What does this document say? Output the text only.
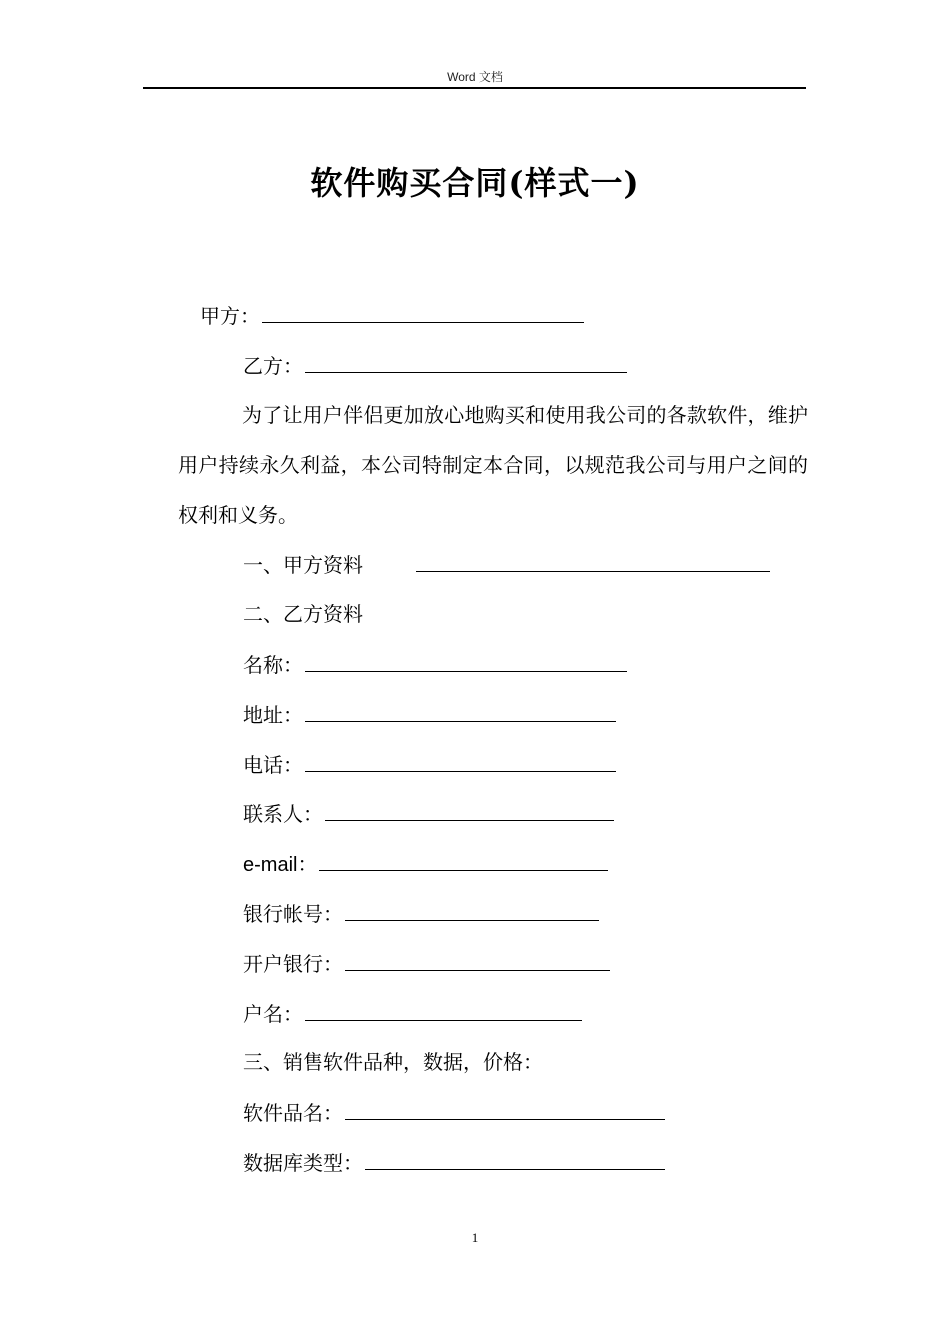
Word 文档
软件购买合同(样式一)
甲方：
乙方：
为了让用户伴侣更加放心地购买和使用我公司的各款软件，维护用户持续永久利益，本公司特制定本合同，以规范我公司与用户之间的权利和义务。
一、甲方资料
二、乙方资料
名称：
地址：
电话：
联系人：
e-mail：
银行帐号：
开户银行：
户名：
三、销售软件品种，数据，价格：
软件品名：
数据库类型：
1
